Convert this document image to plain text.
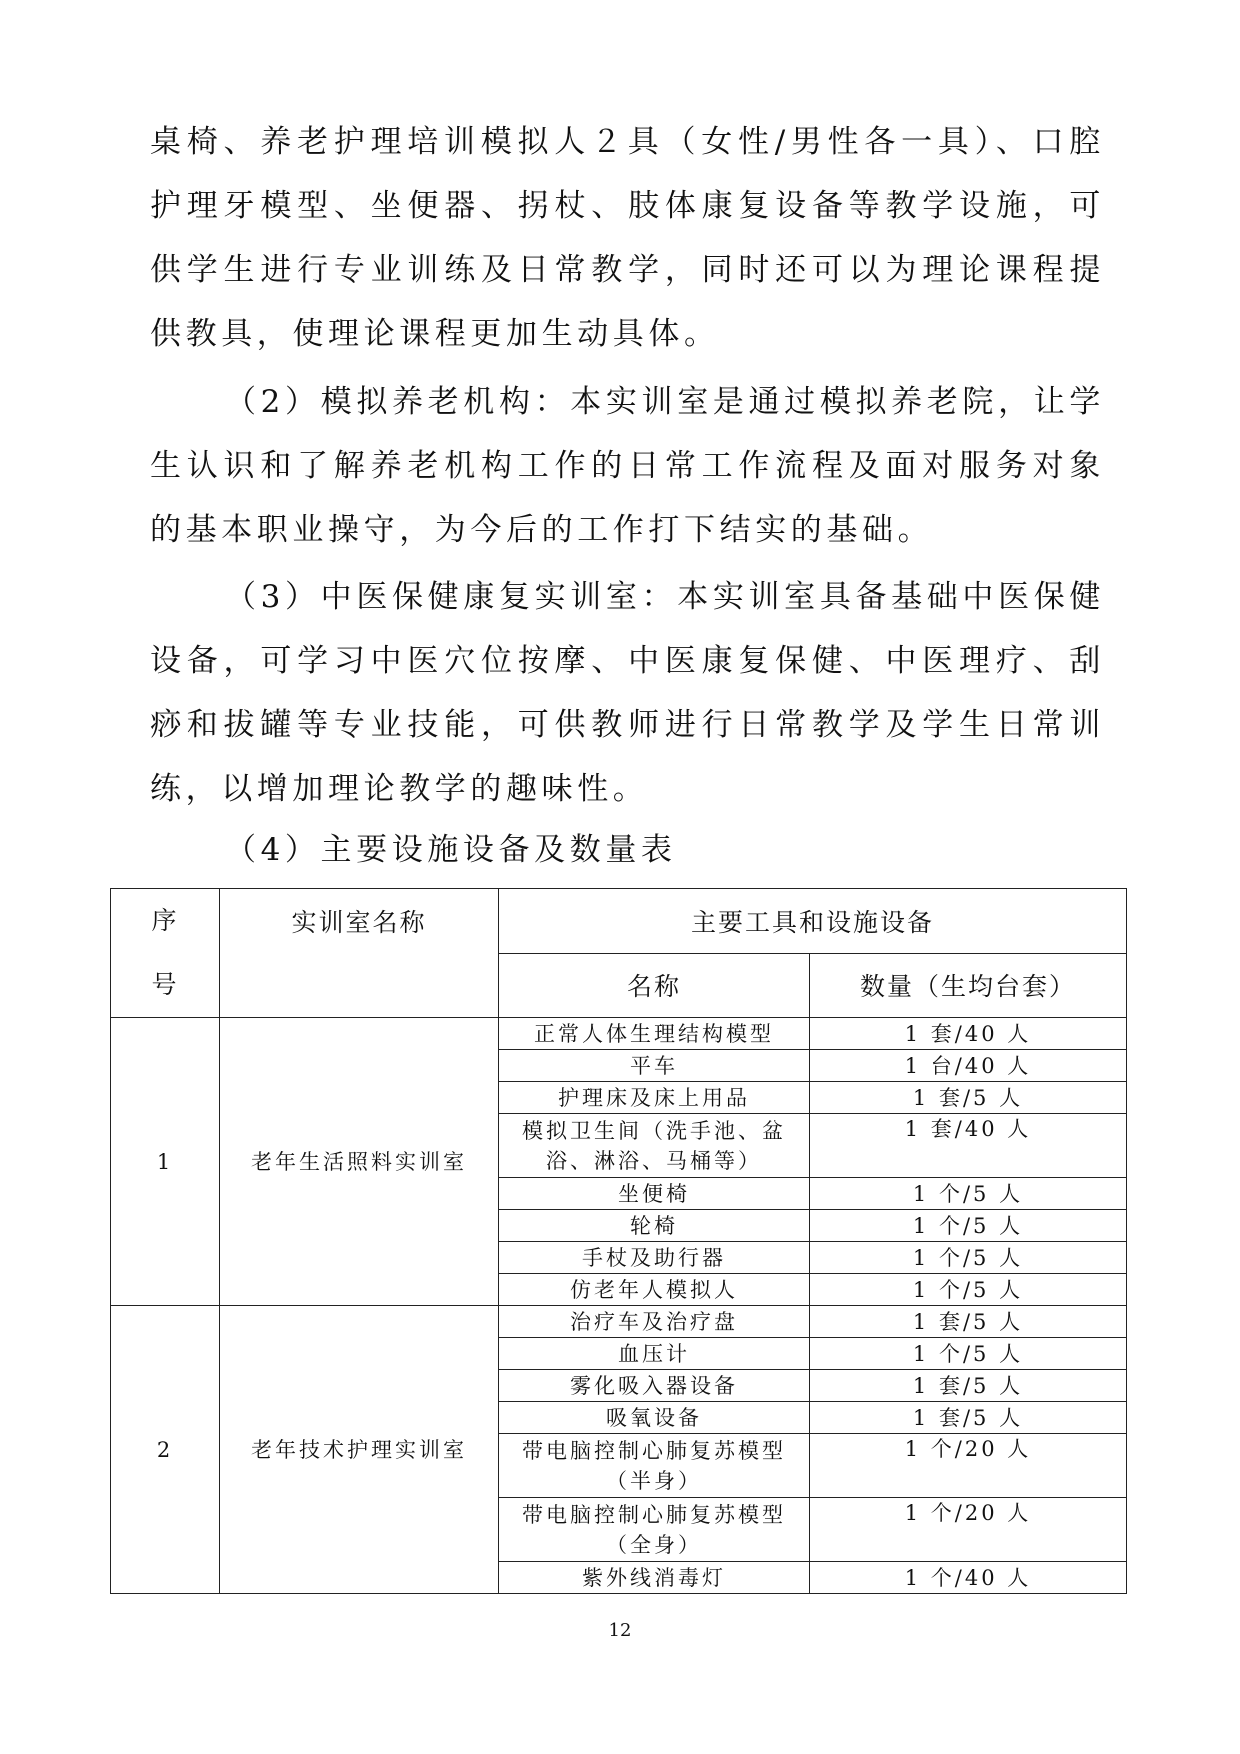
桌椅、养老护理培训模拟人２具（女性/男性各一具）、口腔护理牙模型、坐便器、拐杖、肢体康复设备等教学设施，可供学生进行专业训练及日常教学，同时还可以为理论课程提供教具，使理论课程更加生动具体。

（2）模拟养老机构：本实训室是通过模拟养老院，让学生认识和了解养老机构工作的日常工作流程及面对服务对象的基本职业操守，为今后的工作打下结实的基础。

（3）中医保健康复实训室：本实训室具备基础中医保健设备，可学习中医穴位按摩、中医康复保健、中医理疗、刮痧和拔罐等专业技能，可供教师进行日常教学及学生日常训练，以增加理论教学的趣味性。

（4）主要设施设备及数量表

序
号	实训室名称	主要工具和设施设备	
		名称	数量（生均台套）
1	老年生活照料实训室	正常人体生理结构模型	1 套/40 人
		平车	1 台/40 人
		护理床及床上用品	1 套/5 人
		模拟卫生间（洗手池、盆浴、淋浴、马桶等）	1 套/40 人
		坐便椅	1 个/5 人
		轮椅	1 个/5 人
		手杖及助行器	1 个/5 人
		仿老年人模拟人	1 个/5 人
2	老年技术护理实训室	治疗车及治疗盘	1 套/5 人
		血压计	1 个/5 人
		雾化吸入器设备	1 套/5 人
		吸氧设备	1 套/5 人
		带电脑控制心肺复苏模型（半身）	1 个/20 人
		带电脑控制心肺复苏模型（全身）	1 个/20 人
		紫外线消毒灯	1 个/40 人

12
